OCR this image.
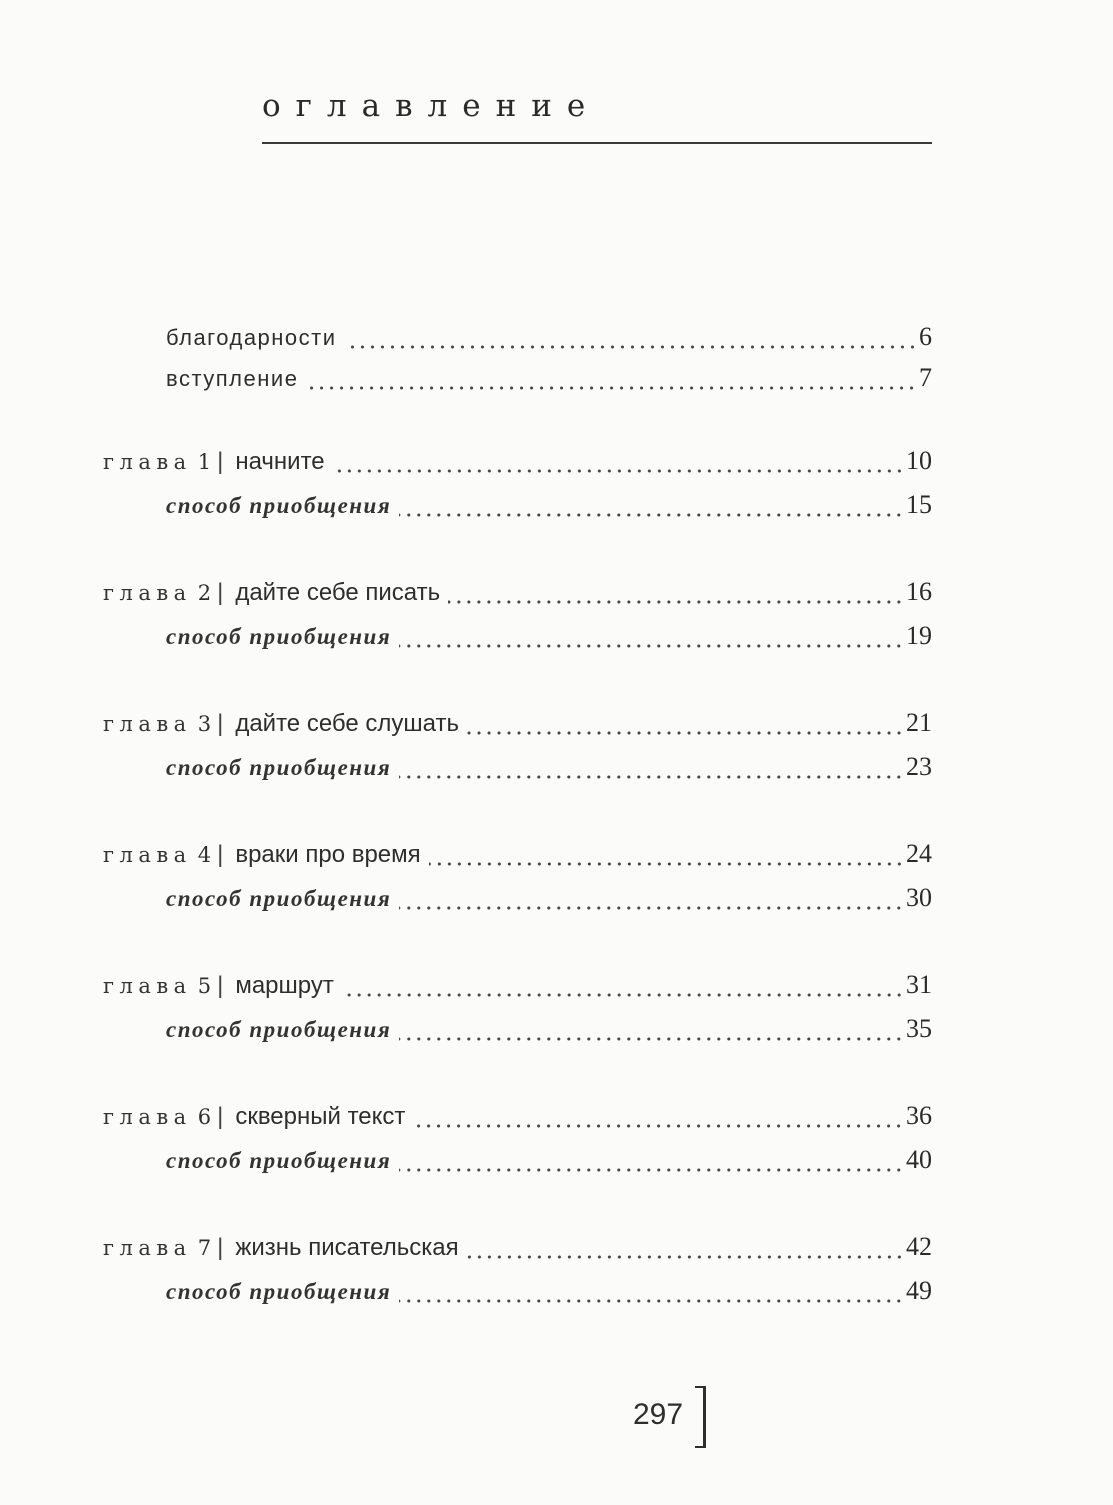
оглавление
благодарности	6
вступление	7
глава 1 | начните	10
способ приобщения	15
глава 2 | дайте себе писать	16
способ приобщения	19
глава 3 | дайте себе слушать	21
способ приобщения	23
глава 4 | враки про время	24
способ приобщения	30
глава 5 | маршрут	31
способ приобщения	35
глава 6 | скверный текст	36
способ приобщения	40
глава 7 | жизнь писательская	42
способ приобщения	49
297
